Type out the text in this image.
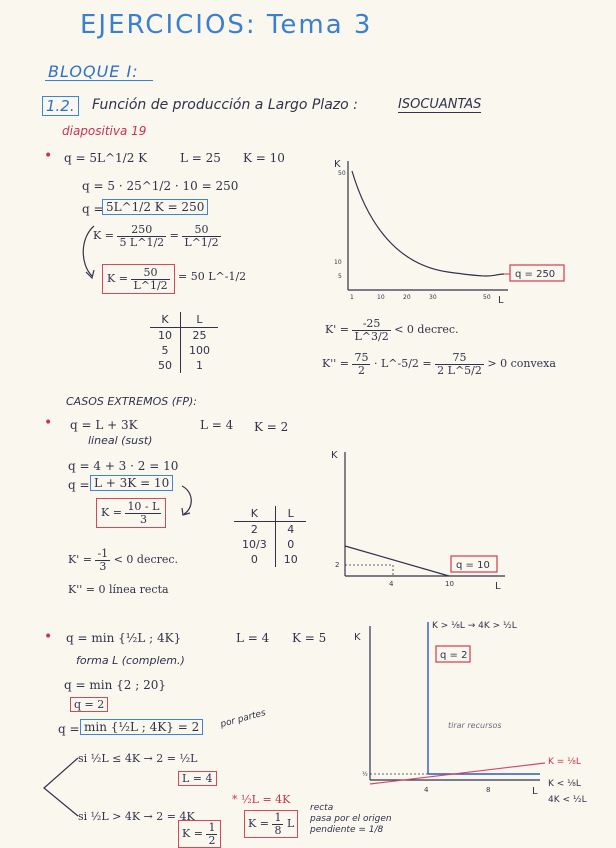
EJERCICIOS: Tema 3
BLOQUE I:
1.2. Función de producción a Largo Plazo :	ISOCUANTAS
diapositiva 19
• q = 5L^1/2 K	L = 25 K = 10
q = 5 · 25^1/2 · 10 = 250
q = 5L^1/2 K = 250
$K = \frac{250}{5 L\^{}1/2} = \frac{50}{L\^{}1/2}$
$K = \frac{50}{L\^{}1/2} = 50$ L^-1/2
K	L
10	25
5	100
50	1
$K' = \frac{-25}{L\^{}3/2} < 0$ decrec.
$K'' = \frac{75}{2}$ · L^-5/2 = $\frac{75}{2 L\^{}5/2} > 0$ convexa
K
L
50
10
5
1	10	20	30	50
q = 250
CASOS EXTREMOS (FP):
• q = L + 3K	L = 4 K = 2
lineal (sust)
q = 4 + 3 · 2 = 10
q = L + 3K = 10
$K = \frac{10 - L}{3}$	K	L
2	4
10/3	0
0	10
$K' = \frac{-1}{3} < 0$ decrec.
K'' = 0 línea recta
K
L
2
4	10
q = 10
• q = min {½L ; 4K}	L = 4 K = 5
forma L (complem.)
q = min {2 ; 20}
q = 2
q = min {½L ; 4K} = 2	por partes
si ½L ≤ 4K → 2 = ½L
L = 4
si ½L > 4K → 2 = 4K
$K = \frac{1}{2}$
* ½L = 4K
$K = \frac{1}{8}$ L
recta
pasa por el origen
pendiente = 1/8
K
L
½
4	8
K > ⅛L → 4K > ½L
q = 2
tirar recursos
K = ⅛L
K < ⅛L
4K < ½L
